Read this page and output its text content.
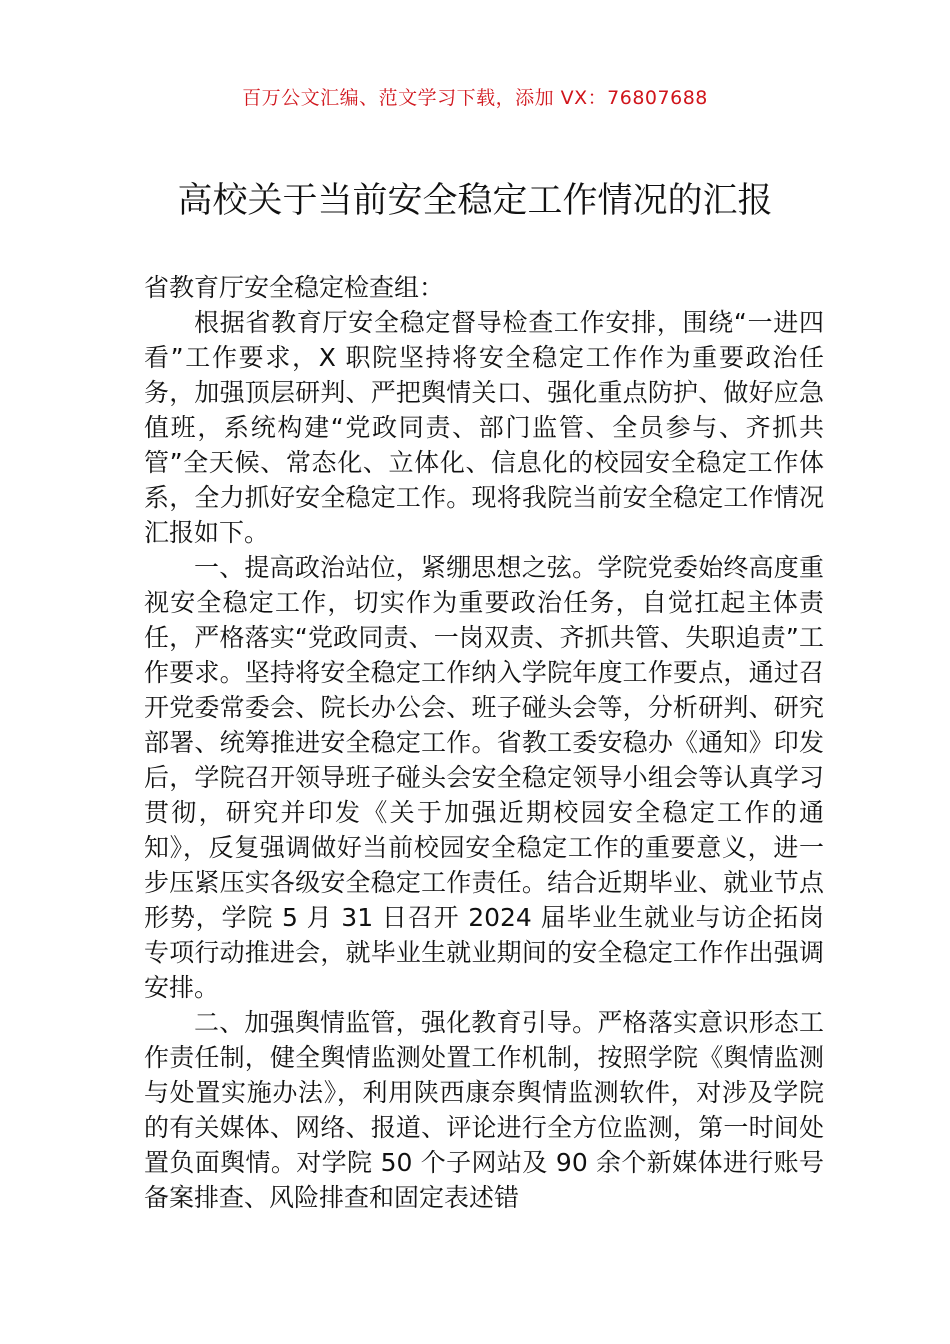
百万公文汇编、范文学习下载，添加 VX：76807688
高校关于当前安全稳定工作情况的汇报

省教育厅安全稳定检查组：

根据省教育厅安全稳定督导检查工作安排，围绕“一进四看”工作要求，X 职院坚持将安全稳定工作作为重要政治任务，加强顶层研判、严把舆情关口、强化重点防护、做好应急值班，系统构建“党政同责、部门监管、全员参与、齐抓共管”全天候、常态化、立体化、信息化的校园安全稳定工作体系，全力抓好安全稳定工作。现将我院当前安全稳定工作情况汇报如下。

一、提高政治站位，紧绷思想之弦。学院党委始终高度重视安全稳定工作，切实作为重要政治任务，自觉扛起主体责任，严格落实“党政同责、一岗双责、齐抓共管、失职追责”工作要求。坚持将安全稳定工作纳入学院年度工作要点，通过召开党委常委会、院长办公会、班子碰头会等，分析研判、研究部署、统筹推进安全稳定工作。省教工委安稳办《通知》印发后，学院召开领导班子碰头会安全稳定领导小组会等认真学习贯彻，研究并印发《关于加强近期校园安全稳定工作的通知》，反复强调做好当前校园安全稳定工作的重要意义，进一步压紧压实各级安全稳定工作责任。结合近期毕业、就业节点形势，学院 5 月 31 日召开 2024 届毕业生就业与访企拓岗专项行动推进会，就毕业生就业期间的安全稳定工作作出强调安排。

二、加强舆情监管，强化教育引导。严格落实意识形态工作责任制，健全舆情监测处置工作机制，按照学院《舆情监测与处置实施办法》，利用陕西康奈舆情监测软件，对涉及学院的有关媒体、网络、报道、评论进行全方位监测，第一时间处置负面舆情。对学院 50 个子网站及 90 余个新媒体进行账号备案排查、风险排查和固定表述错
